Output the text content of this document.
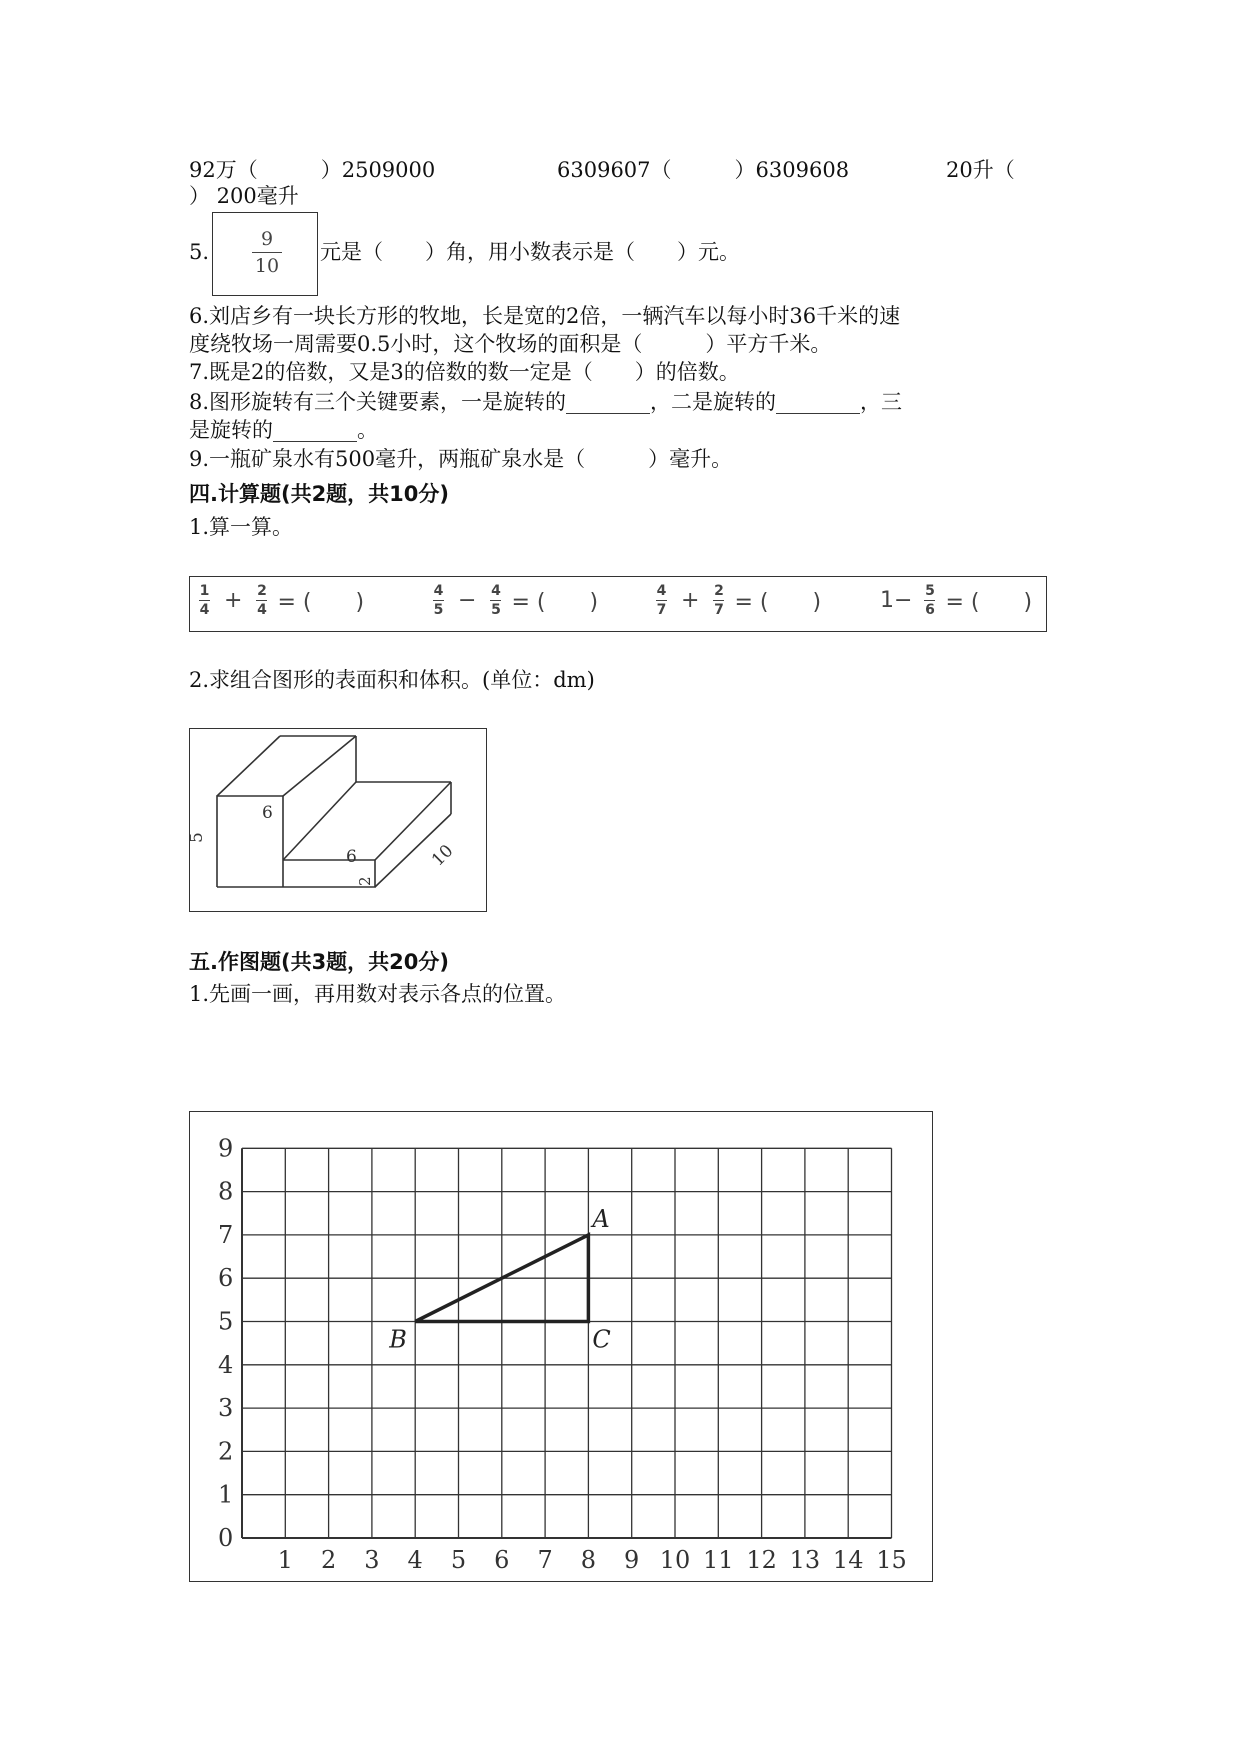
92万（　　　）2509000	6309607（　　　）6309608	20升（
） 200毫升
5.
9
10
元是（　　）角，用小数表示是（　　）元。
6.刘店乡有一块长方形的牧地，长是宽的2倍，一辆汽车以每小时36千米的速
度绕牧场一周需要0.5小时，这个牧场的面积是（　　　）平方千米。
7.既是2的倍数，又是3的倍数的数一定是（　　）的倍数。
8.图形旋转有三个关键要素，一是旋转的________，二是旋转的________，三
是旋转的________。
9.一瓶矿泉水有500毫升，两瓶矿泉水是（　　　）毫升。
四.计算题(共2题，共10分)
1.算一算。
1
4 + 2
4 = (　　)	4
5 − 4
5 = (　　)	4
7 + 2
7 = (　　)	1− 5
6 = (　　)
2.求组合图形的表面积和体积。(单位：dm)
6
6
5
2
10
五.作图题(共3题，共20分)
1.先画一画，再用数对表示各点的位置。
0
1 2 3 4 5 6 7 8 9 10 11 12 13 14 15
1
2
3
4
5
6
7
8
9
A
B	C
